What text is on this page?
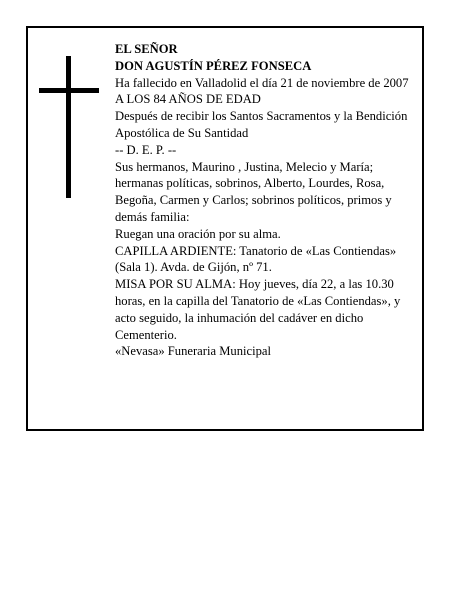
EL SEÑOR

DON AGUSTÍN PÉREZ FONSECA

Ha fallecido en Valladolid el día 21 de noviembre de 2007

A LOS 84 AÑOS DE EDAD

Después de recibir los Santos Sacramentos y la Bendición Apostólica de Su Santidad

-- D. E. P. --

Sus hermanos, Maurino , Justina, Melecio y María; hermanas políticas, sobrinos, Alberto, Lourdes, Rosa, Begoña, Carmen y Carlos; sobrinos políticos, primos y demás familia:

Ruegan una oración por su alma.

CAPILLA ARDIENTE: Tanatorio de «Las Contiendas» (Sala 1). Avda. de Gijón, nº 71.

MISA POR SU ALMA: Hoy jueves, día 22, a las 10.30 horas, en la capilla del Tanatorio de «Las Contiendas», y acto seguido, la inhumación del cadáver en dicho Cementerio.

«Nevasa» Funeraria Municipal
